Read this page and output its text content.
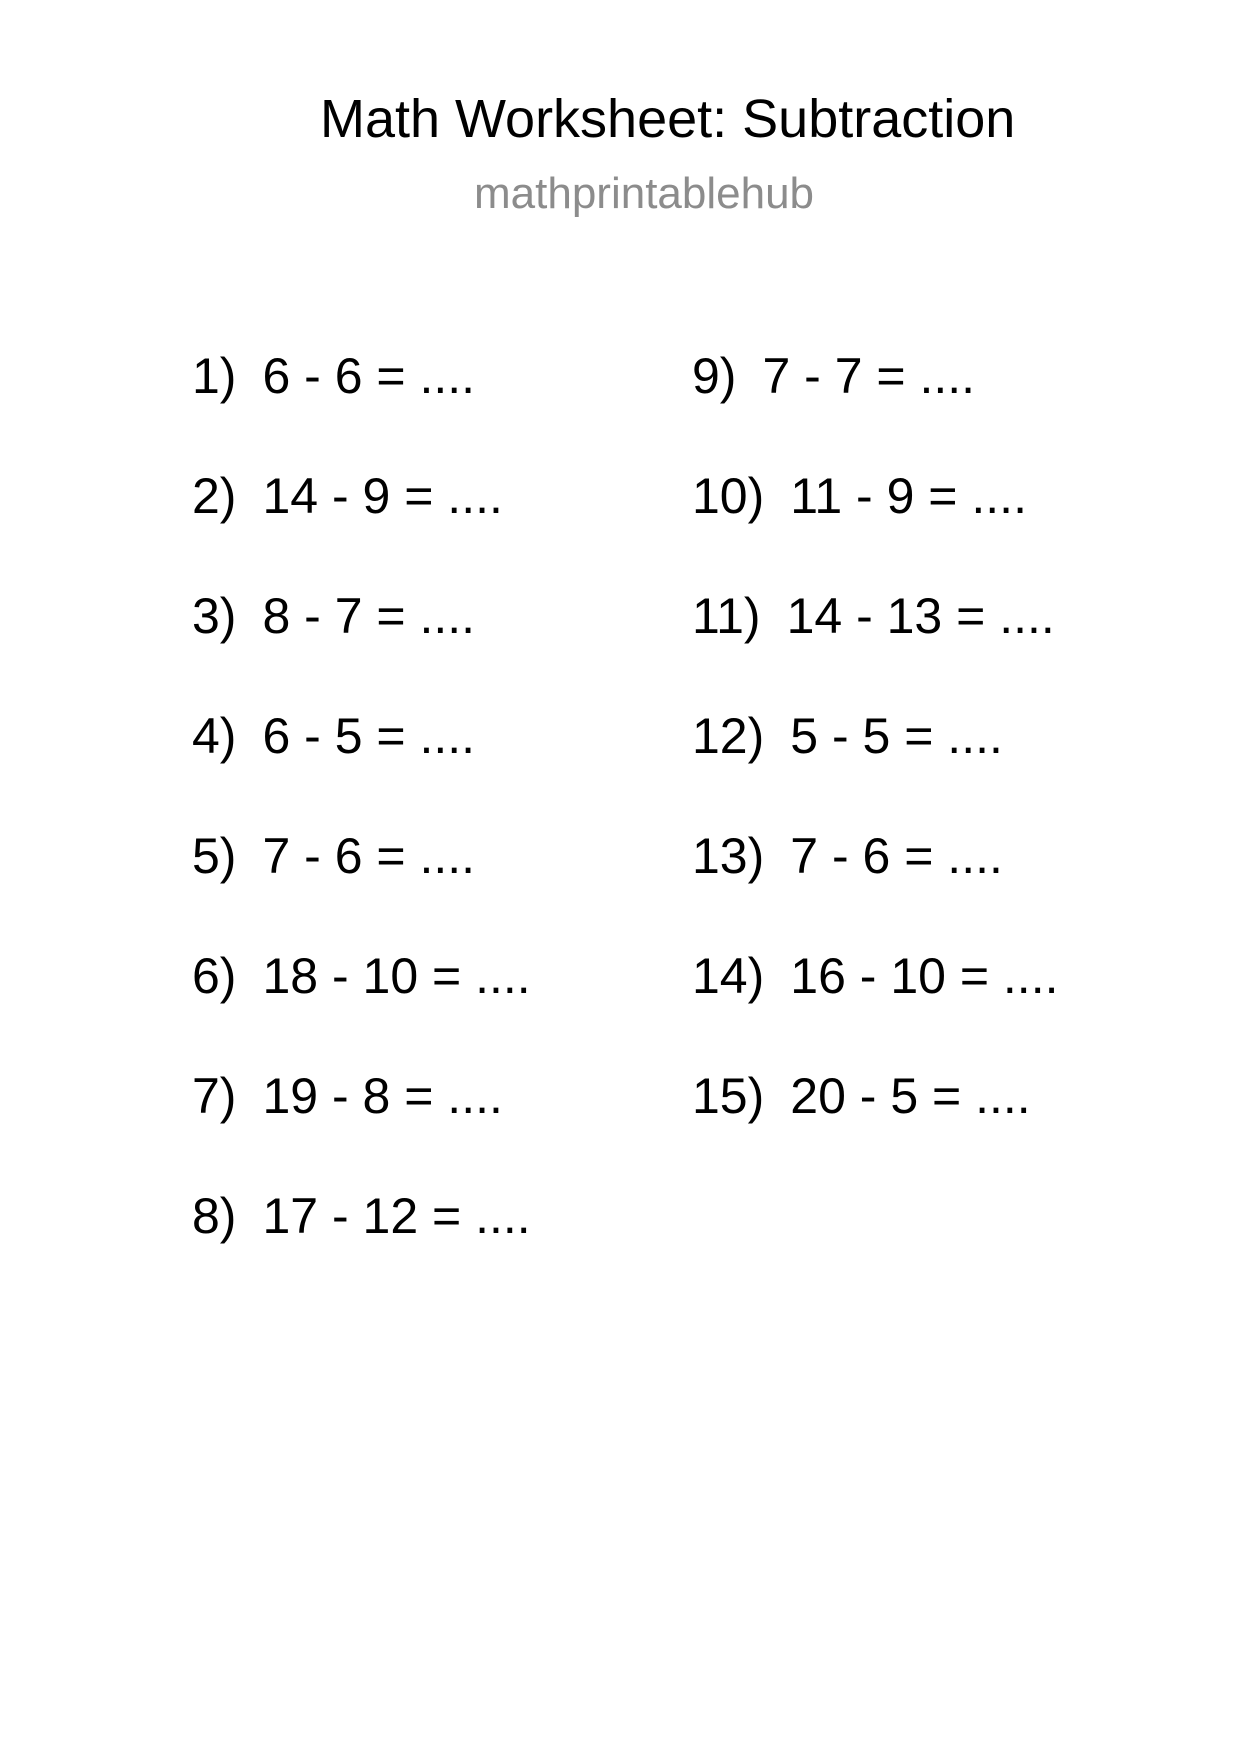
Math Worksheet: Subtraction
mathprintablehub
1) 6 - 6 = ....
2) 14 - 9 = ....
3) 8 - 7 = ....
4) 6 - 5 = ....
5) 7 - 6 = ....
6) 18 - 10 = ....
7) 19 - 8 = ....
8) 17 - 12 = ....
9) 7 - 7 = ....
10) 11 - 9 = ....
11) 14 - 13 = ....
12) 5 - 5 = ....
13) 7 - 6 = ....
14) 16 - 10 = ....
15) 20 - 5 = ....
